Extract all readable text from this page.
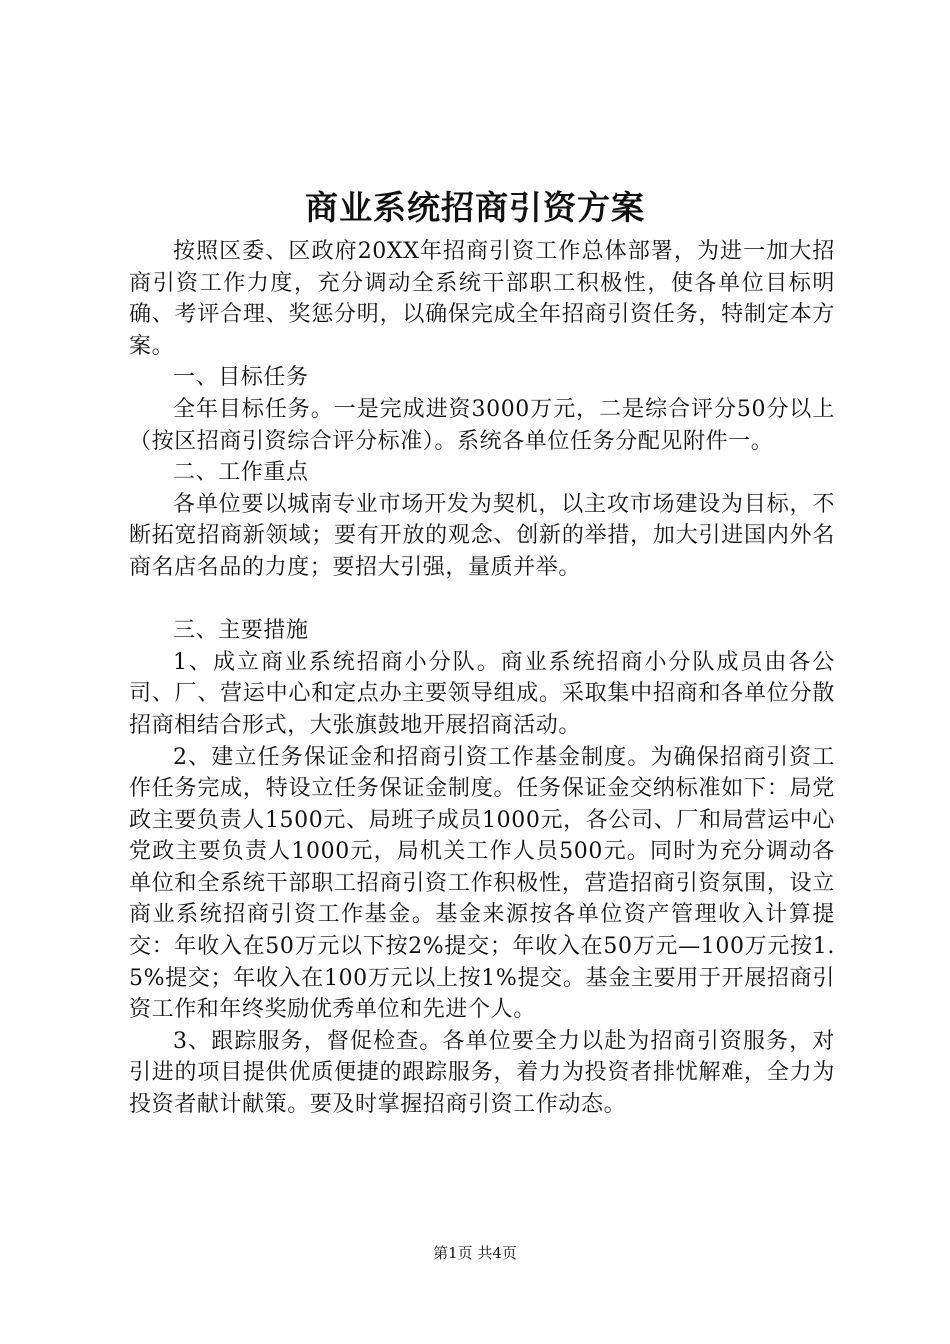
商业系统招商引资方案

按照区委、区政府20XX年招商引资工作总体部署，为进一加大招商引资工作力度，充分调动全系统干部职工积极性，使各单位目标明确、考评合理、奖惩分明，以确保完成全年招商引资任务，特制定本方案。

一、目标任务

全年目标任务。一是完成进资3000万元，二是综合评分50分以上（按区招商引资综合评分标准）。系统各单位任务分配见附件一。

二、工作重点

各单位要以城南专业市场开发为契机，以主攻市场建设为目标，不断拓宽招商新领域；要有开放的观念、创新的举措，加大引进国内外名商名店名品的力度；要招大引强，量质并举。

三、主要措施

1、成立商业系统招商小分队。商业系统招商小分队成员由各公司、厂、营运中心和定点办主要领导组成。采取集中招商和各单位分散招商相结合形式，大张旗鼓地开展招商活动。

2、建立任务保证金和招商引资工作基金制度。为确保招商引资工作任务完成，特设立任务保证金制度。任务保证金交纳标准如下：局党政主要负责人1500元、局班子成员1000元，各公司、厂和局营运中心党政主要负责人1000元，局机关工作人员500元。同时为充分调动各单位和全系统干部职工招商引资工作积极性，营造招商引资氛围，设立商业系统招商引资工作基金。基金来源按各单位资产管理收入计算提交：年收入在50万元以下按2%提交；年收入在50万元—100万元按1.5%提交；年收入在100万元以上按1%提交。基金主要用于开展招商引资工作和年终奖励优秀单位和先进个人。

3、跟踪服务，督促检查。各单位要全力以赴为招商引资服务，对引进的项目提供优质便捷的跟踪服务，着力为投资者排忧解难，全力为投资者献计献策。要及时掌握招商引资工作动态。

第1页 共4页
